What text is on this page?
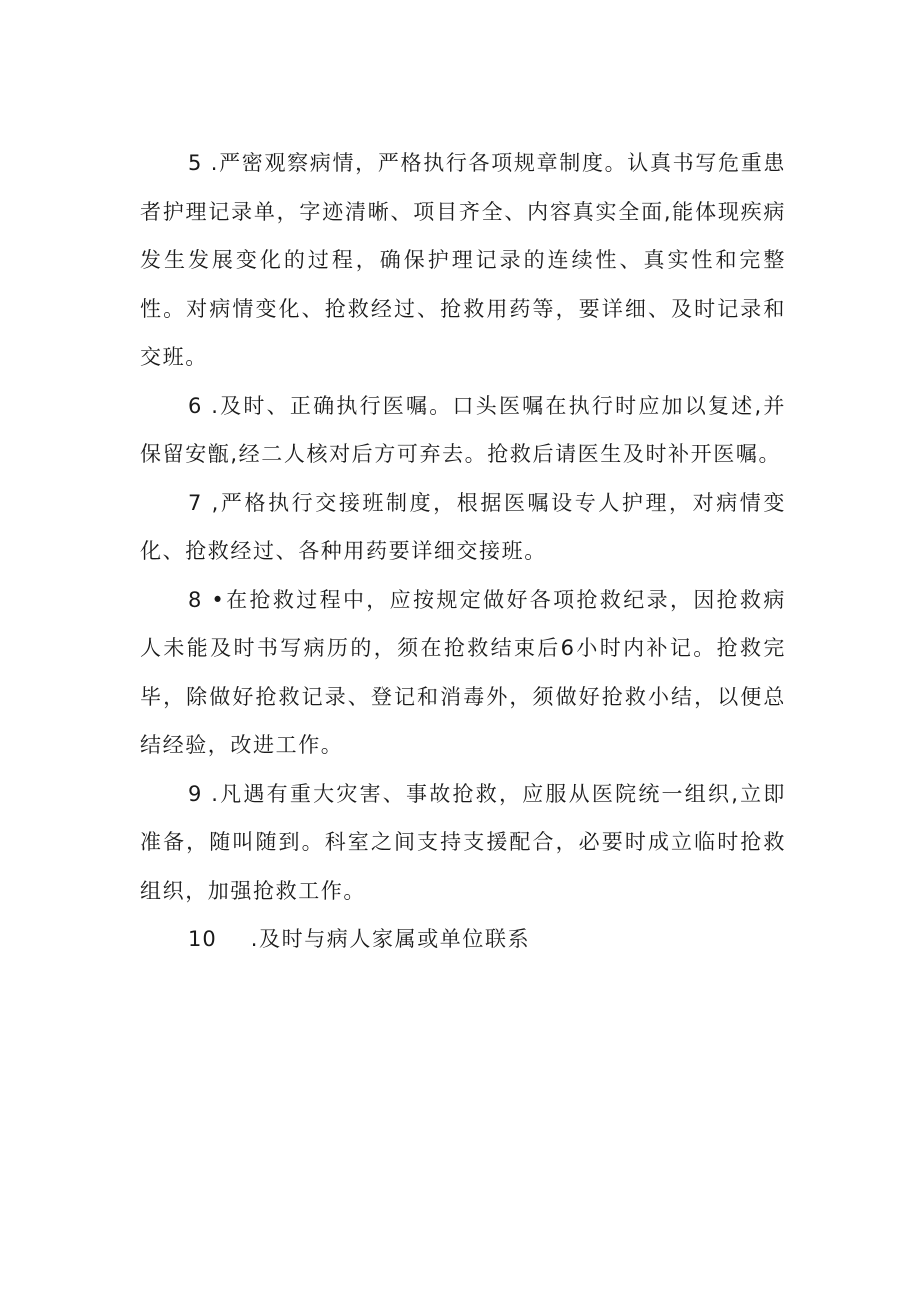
5 .严密观察病情，严格执行各项规章制度。认真书写危重患者护理记录单，字迹清晰、项目齐全、内容真实全面,能体现疾病发生发展变化的过程，确保护理记录的连续性、真实性和完整性。对病情变化、抢救经过、抢救用药等，要详细、及时记录和交班。

6 .及时、正确执行医嘱。口头医嘱在执行时应加以复述,并保留安甑,经二人核对后方可弃去。抢救后请医生及时补开医嘱。

7 ,严格执行交接班制度，根据医嘱设专人护理，对病情变化、抢救经过、各种用药要详细交接班。

8 •在抢救过程中，应按规定做好各项抢救纪录，因抢救病人未能及时书写病历的，须在抢救结束后6小时内补记。抢救完毕，除做好抢救记录、登记和消毒外，须做好抢救小结，以便总结经验，改进工作。

9 .凡遇有重大灾害、事故抢救，应服从医院统一组织,立即准备，随叫随到。科室之间支持支援配合，必要时成立临时抢救组织，加强抢救工作。

10 .及时与病人家属或单位联系
